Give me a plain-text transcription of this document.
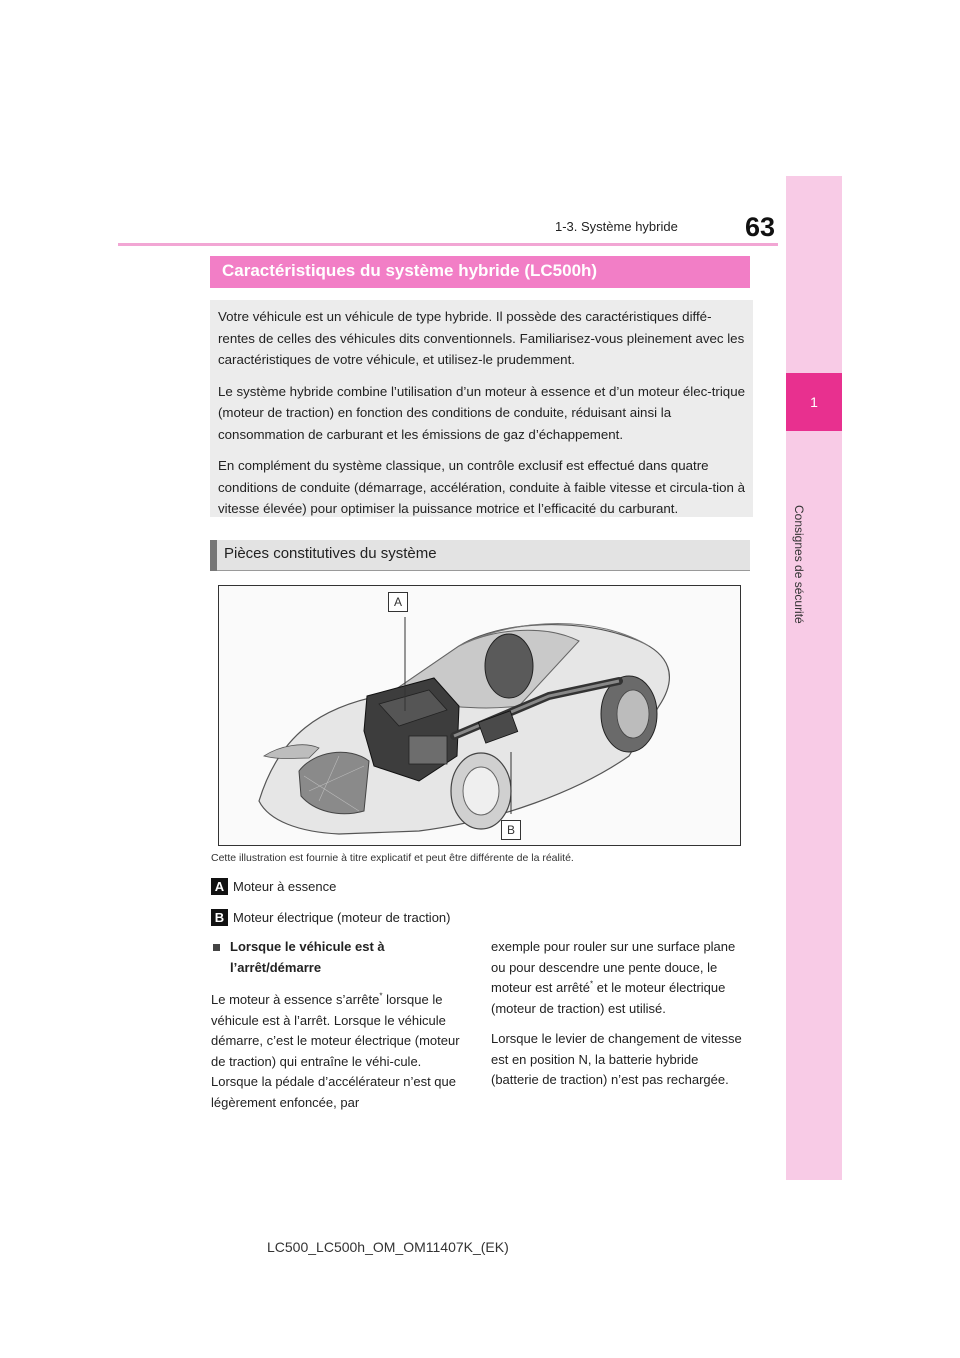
1-3. Système hybride 63
1
Consignes de sécurité
Caractéristiques du système hybride (LC500h)

Votre véhicule est un véhicule de type hybride. Il possède des caractéristiques diffé-rentes de celles des véhicules dits conventionnels. Familiarisez-vous pleinement avec les caractéristiques de votre véhicule, et utilisez-le prudemment.

Le système hybride combine l’utilisation d’un moteur à essence et d’un moteur élec-trique (moteur de traction) en fonction des conditions de conduite, réduisant ainsi la consommation de carburant et les émissions de gaz d’échappement.

En complément du système classique, un contrôle exclusif est effectué dans quatre conditions de conduite (démarrage, accélération, conduite à faible vitesse et circula-tion à vitesse élevée) pour optimiser la puissance motrice et l’efficacité du carburant.

Pièces constitutives du système
A
B
Cette illustration est fournie à titre explicatif et peut être différente de la réalité.
A Moteur à essence
B Moteur électrique (moteur de traction)
Lorsque le véhicule est à l’arrêt/démarre

Le moteur à essence s’arrête* lorsque le véhicule est à l’arrêt. Lorsque le véhicule démarre, c’est le moteur électrique (moteur de traction) qui entraîne le véhi-cule. Lorsque la pédale d’accélérateur n’est que légèrement enfoncée, par

exemple pour rouler sur une surface plane ou pour descendre une pente douce, le moteur est arrêté* et le moteur électrique (moteur de traction) est utilisé.

Lorsque le levier de changement de vitesse est en position N, la batterie hybride (batterie de traction) n’est pas rechargée.

LC500_LC500h_OM_OM11407K_(EK)
